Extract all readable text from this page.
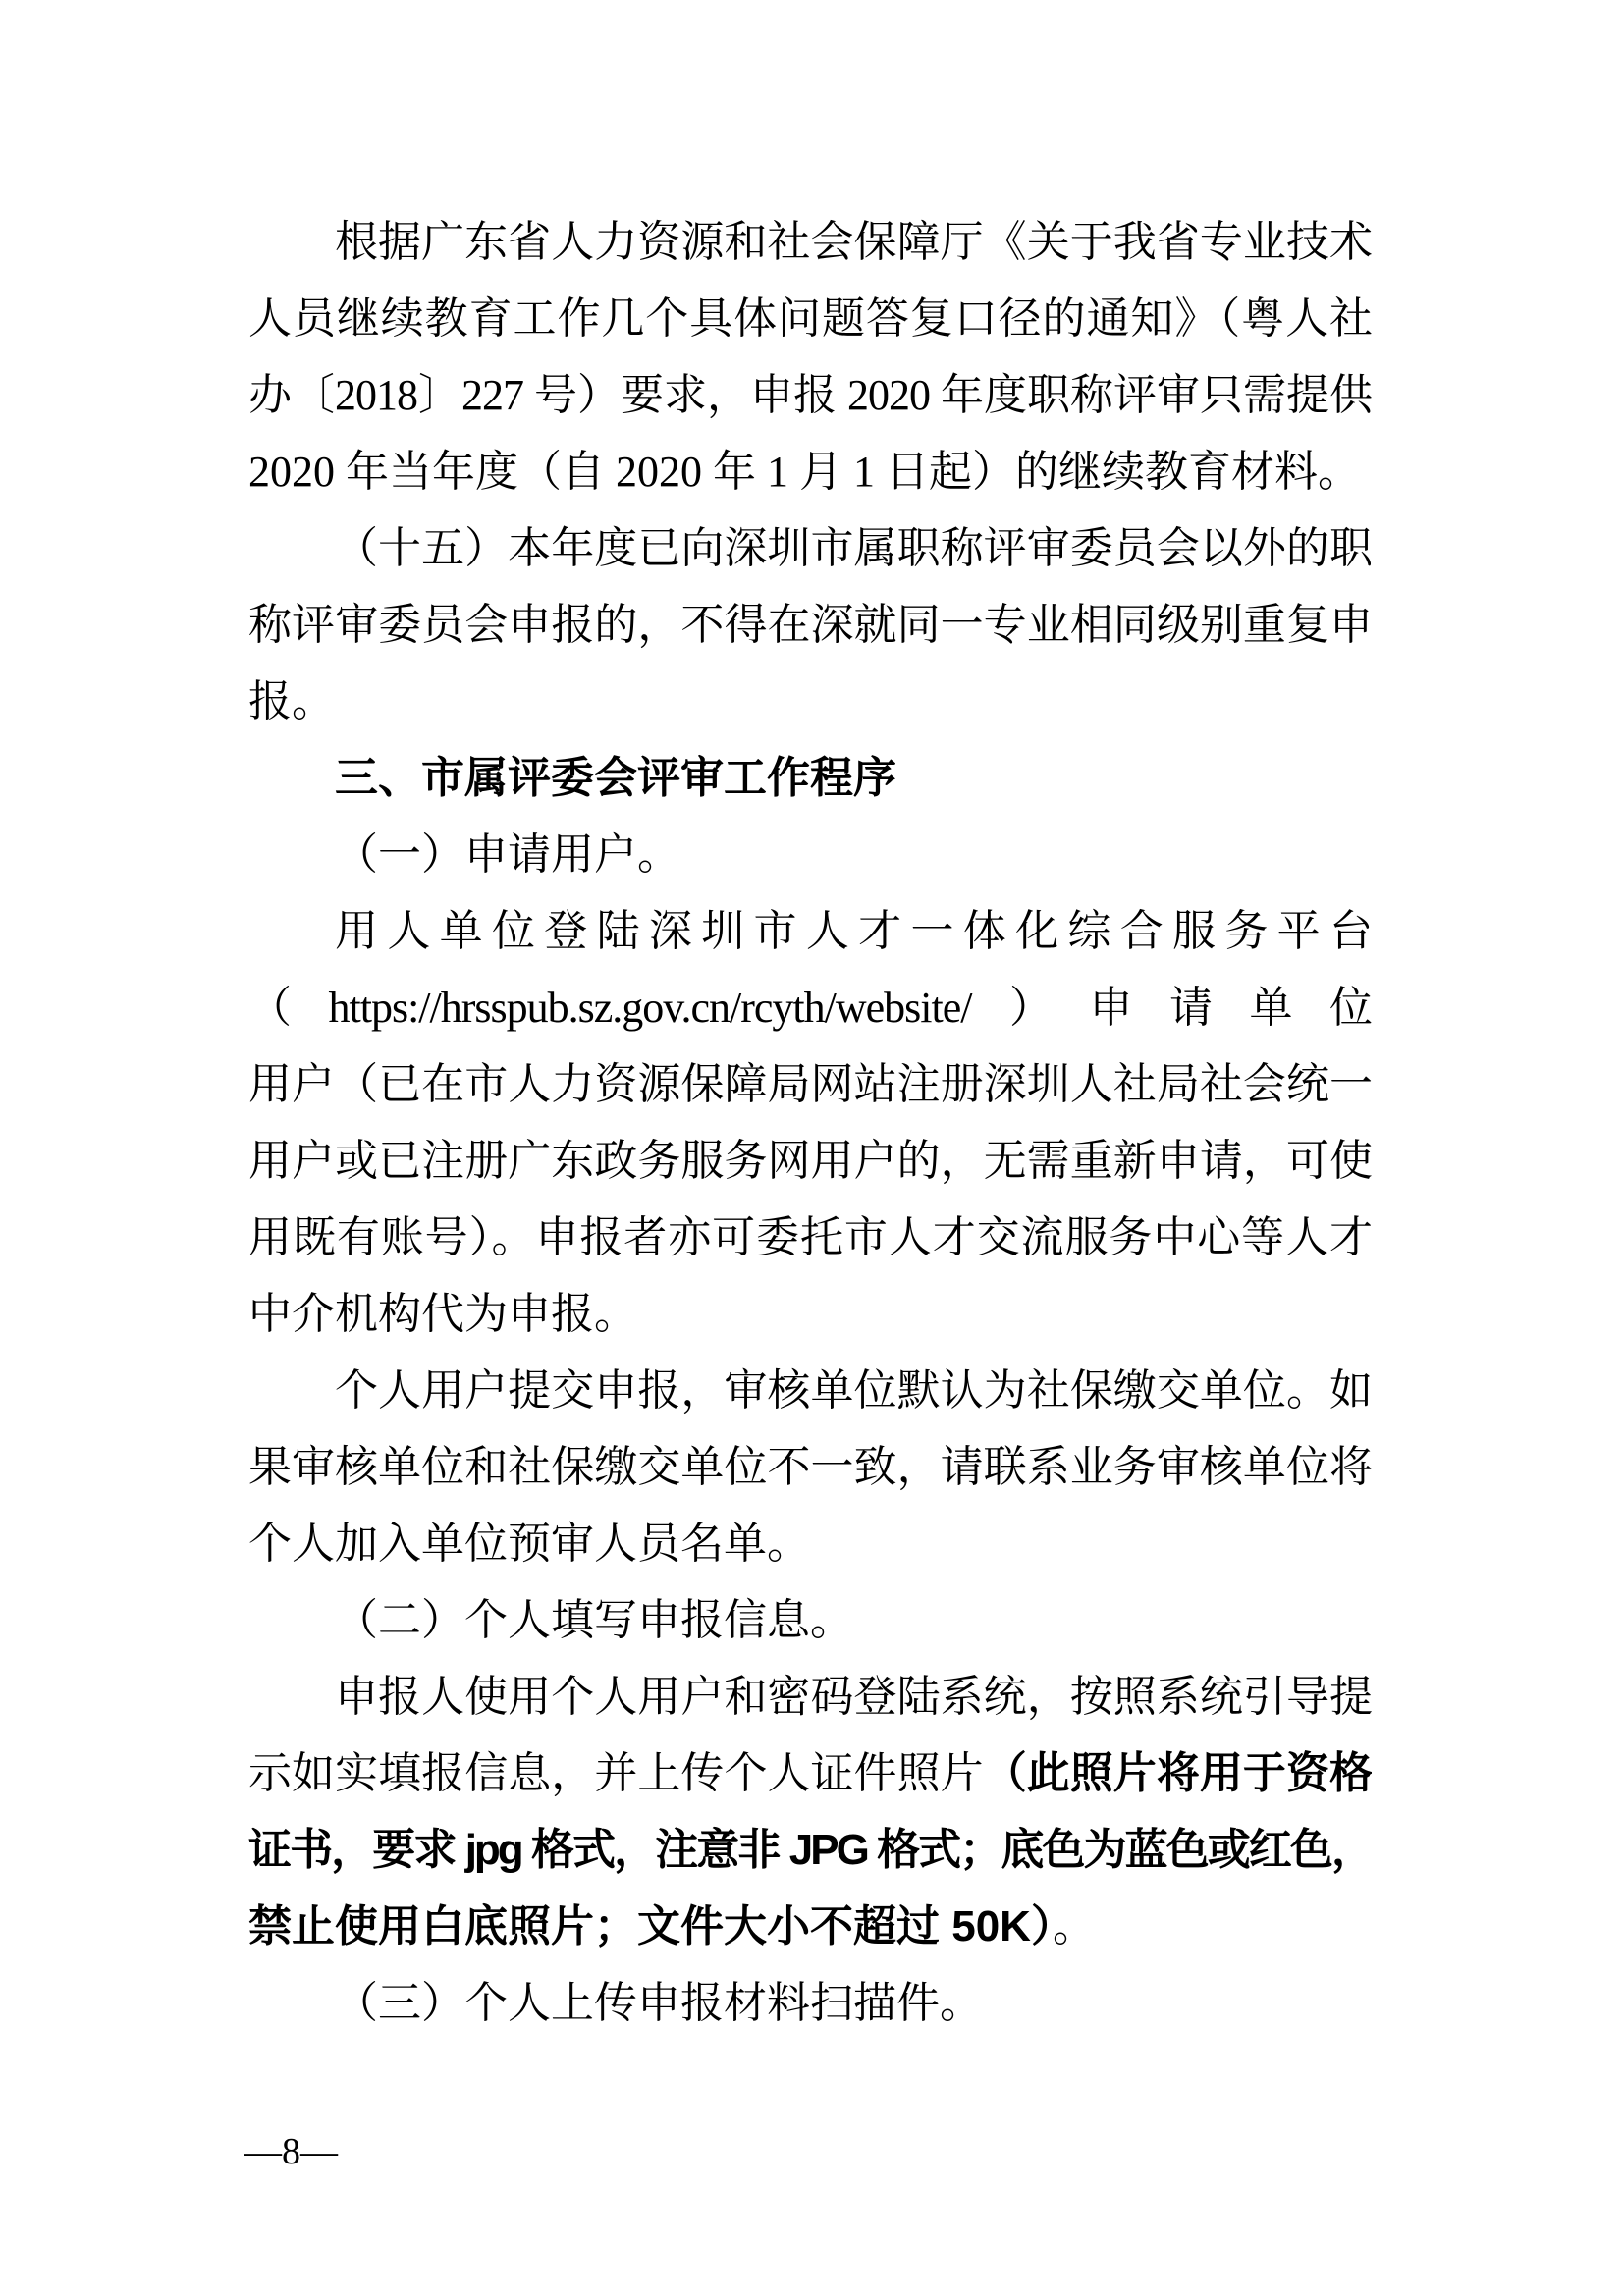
根据广东省人力资源和社会保障厅《关于我省专业技术
人员继续教育工作几个具体问题答复口径的通知》（粤人社
办〔2018〕227 号）要求，申报 2020 年度职称评审只需提供
2020 年当年度（自 2020 年 1 月 1 日起）的继续教育材料。
（十五）本年度已向深圳市属职称评审委员会以外的职
称评审委员会申报的，不得在深就同一专业相同级别重复申
报。
三、市属评委会评审工作程序
（一）申请用户。
用人单位登陆深圳市人才一体化综合服务平台
（https://hrsspub.sz.gov.cn/rcyth/website/）申请单位
用户（已在市人力资源保障局网站注册深圳人社局社会统一
用户或已注册广东政务服务网用户的，无需重新申请，可使
用既有账号）。申报者亦可委托市人才交流服务中心等人才
中介机构代为申报。
个人用户提交申报，审核单位默认为社保缴交单位。如
果审核单位和社保缴交单位不一致，请联系业务审核单位将
个人加入单位预审人员名单。
（二）个人填写申报信息。
申报人使用个人用户和密码登陆系统，按照系统引导提
示如实填报信息，并上传个人证件照片（此照片将用于资格
证书，要求 jpg 格式，注意非 JPG 格式；底色为蓝色或红色，
禁止使用白底照片；文件大小不超过 50K）。
（三）个人上传申报材料扫描件。
—8—
